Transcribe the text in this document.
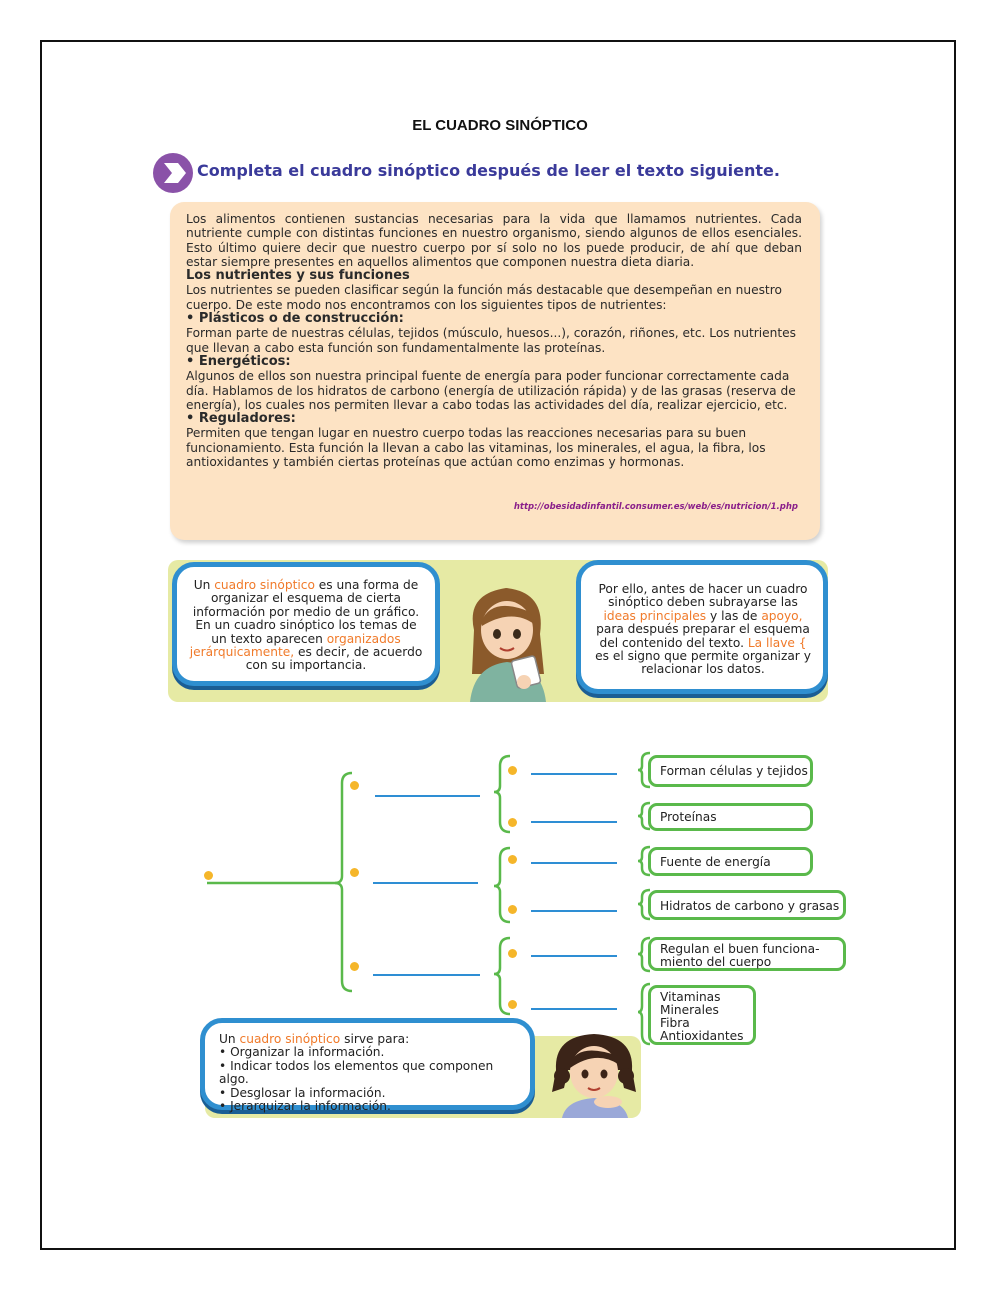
EL CUADRO SINÓPTICO
Completa el cuadro sinóptico después de leer el texto siguiente.

Los alimentos contienen sustancias necesarias para la vida que llamamos nutrientes. Cada nutriente cumple con distintas funciones en nuestro organismo, siendo algunos de ellos esenciales. Esto último quiere decir que nuestro cuerpo por sí solo no los puede producir, de ahí que deban estar siempre presentes en aquellos alimentos que componen nuestra dieta diaria.

Los nutrientes y sus funciones

Los nutrientes se pueden clasificar según la función más destacable que desempeñan en nuestro cuerpo. De este modo nos encontramos con los siguientes tipos de nutrientes:

• Plásticos o de construcción:

Forman parte de nuestras células, tejidos (músculo, huesos...), corazón, riñones, etc. Los nutrientes que llevan a cabo esta función son fundamentalmente las proteínas.

• Energéticos:

Algunos de ellos son nuestra principal fuente de energía para poder funcionar correctamente cada día. Hablamos de los hidratos de carbono (energía de utilización rápida) y de las grasas (reserva de energía), los cuales nos permiten llevar a cabo todas las actividades del día, realizar ejercicio, etc.

• Reguladores:

Permiten que tengan lugar en nuestro cuerpo todas las reacciones necesarias para su buen funcionamiento. Esta función la llevan a cabo las vitaminas, los minerales, el agua, la fibra, los antioxidantes y también ciertas proteínas que actúan como enzimas y hormonas.

http://obesidadinfantil.consumer.es/web/es/nutricion/1.php
Un cuadro sinóptico es una forma de organizar el esquema de cierta información por medio de un gráfico. En un cuadro sinóptico los temas de un texto aparecen organizados jerárquicamente, es decir, de acuerdo con su importancia.
Por ello, antes de hacer un cuadro sinóptico deben subrayarse las ideas principales y las de apoyo, para después preparar el esquema del contenido del texto. La llave { es el signo que permite organizar y relacionar los datos.
Forman células y tejidos
Proteínas
Fuente de energía
Hidratos de carbono y grasas
Regulan el buen funciona-
miento del cuerpo
Vitaminas
Minerales
Fibra
Antioxidantes
Un cuadro sinóptico sirve para:
• Organizar la información.
• Indicar todos los elementos que componen algo.
• Desglosar la información.
• Jerarquizar la información.
